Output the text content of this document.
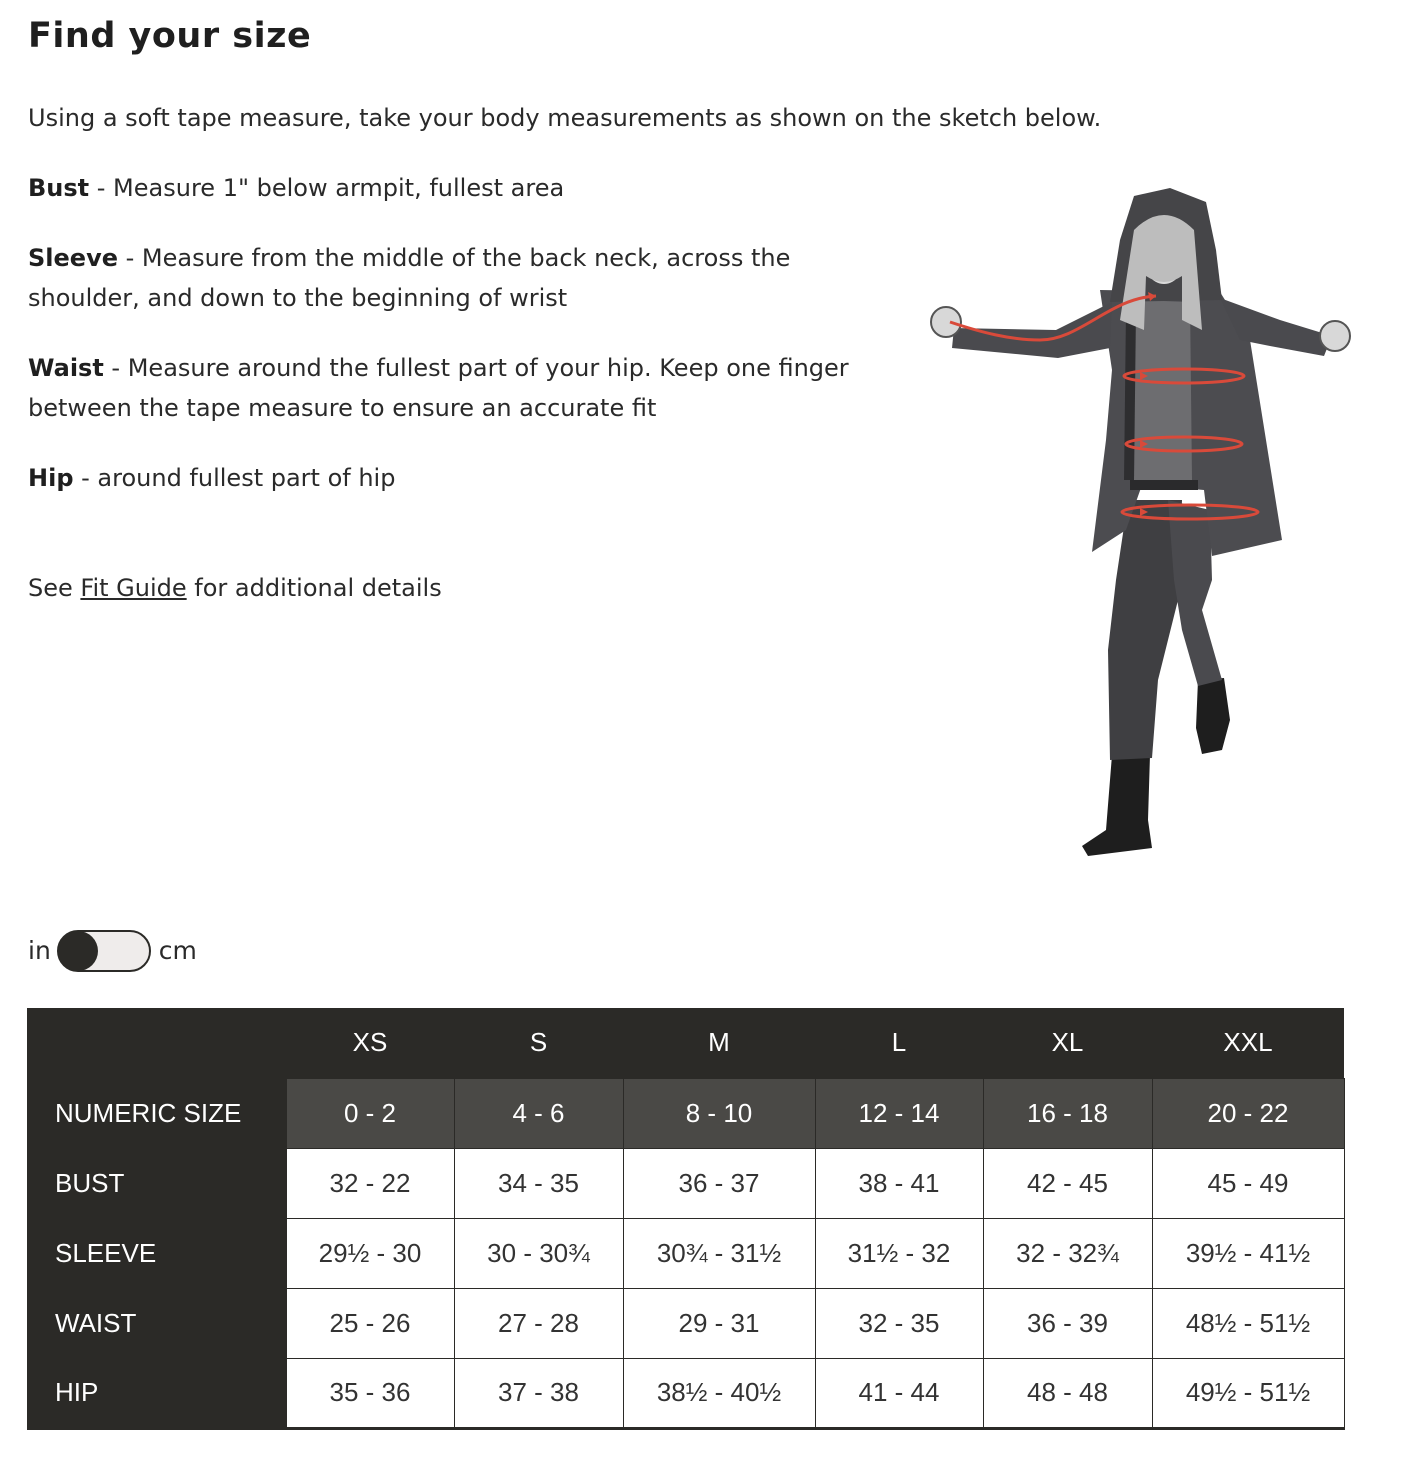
Find your size

Using a soft tape measure, take your body measurements as shown on the sketch below.

Bust - Measure 1" below armpit, fullest area

Sleeve - Measure from the middle of the back neck, across the shoulder, and down to the beginning of wrist

Waist - Measure around the fullest part of your hip. Keep one finger between the tape measure to ensure an accurate fit

Hip - around fullest part of hip

See Fit Guide for additional details

in	cm
	XS	S	M	L	XL	XXL
NUMERIC SIZE	0 - 2	4 - 6	8 - 10	12 - 14	16 - 18	20 - 22
BUST	32 - 22	34 - 35	36 - 37	38 - 41	42 - 45	45 - 49
SLEEVE	29½ - 30	30 - 30¾	30¾ - 31½	31½ - 32	32 - 32¾	39½ - 41½
WAIST	25 - 26	27 - 28	29 - 31	32 - 35	36 - 39	48½ - 51½
HIP	35 - 36	37 - 38	38½ - 40½	41 - 44	48 - 48	49½ - 51½
